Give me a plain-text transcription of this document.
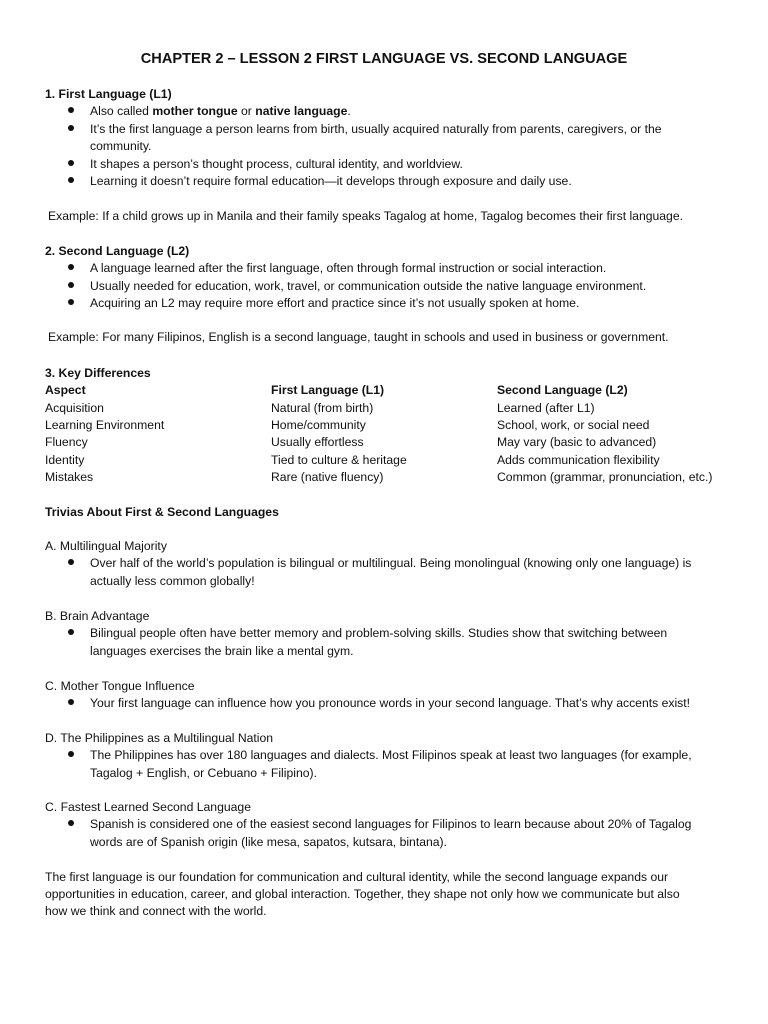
CHAPTER 2 – LESSON 2 FIRST LANGUAGE VS. SECOND LANGUAGE
1. First Language (L1)
Also called mother tongue or native language.
It’s the first language a person learns from birth, usually acquired naturally from parents, caregivers, or the
community.
It shapes a person’s thought process, cultural identity, and worldview.
Learning it doesn’t require formal education—it develops through exposure and daily use.
Example: If a child grows up in Manila and their family speaks Tagalog at home, Tagalog becomes their first language.
2. Second Language (L2)
A language learned after the first language, often through formal instruction or social interaction.
Usually needed for education, work, travel, or communication outside the native language environment.
Acquiring an L2 may require more effort and practice since it’s not usually spoken at home.
Example: For many Filipinos, English is a second language, taught in schools and used in business or government.
3. Key Differences
Aspect	First Language (L1)	Second Language (L2)
Acquisition	Natural (from birth)	Learned (after L1)
Learning Environment	Home/community	School, work, or social need
Fluency	Usually effortless	May vary (basic to advanced)
Identity	Tied to culture & heritage	Adds communication flexibility
Mistakes	Rare (native fluency)	Common (grammar, pronunciation, etc.)
Trivias About First & Second Languages
A. Multilingual Majority
Over half of the world’s population is bilingual or multilingual. Being monolingual (knowing only one language) is
actually less common globally!
B. Brain Advantage
Bilingual people often have better memory and problem-solving skills. Studies show that switching between
languages exercises the brain like a mental gym.
C. Mother Tongue Influence
Your first language can influence how you pronounce words in your second language. That’s why accents exist!
D. The Philippines as a Multilingual Nation
The Philippines has over 180 languages and dialects. Most Filipinos speak at least two languages (for example,
Tagalog + English, or Cebuano + Filipino).
C. Fastest Learned Second Language
Spanish is considered one of the easiest second languages for Filipinos to learn because about 20% of Tagalog
words are of Spanish origin (like mesa, sapatos, kutsara, bintana).
The first language is our foundation for communication and cultural identity, while the second language expands our
opportunities in education, career, and global interaction. Together, they shape not only how we communicate but also
how we think and connect with the world.
